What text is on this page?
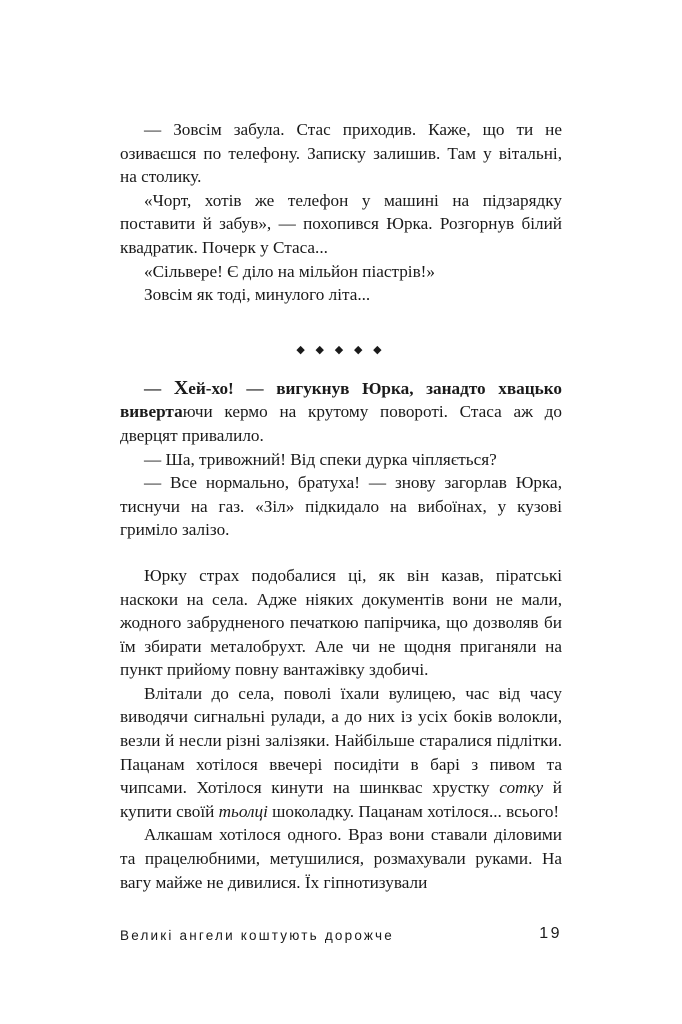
— Зовсім забула. Стас приходив. Каже, що ти не озиваєшся по телефону. Записку залишив. Там у вітальні, на столику.

«Чорт, хотів же телефон у машині на підзарядку поставити й забув», — похопився Юрка. Розгорнув білий квадратик. Почерк у Стаса...

«Сільвере! Є діло на мільйон піастрів!»

Зовсім як тоді, минулого літа...

◆ ◆ ◆ ◆ ◆

— Хей-хо! — вигукнув Юрка, занадто хвацько вивертаючи кермо на крутому повороті. Стаса аж до дверцят привалило.

— Ша, тривожний! Від спеки дурка чіпляється?

— Все нормально, братуха! — знову загорлав Юрка, тиснучи на газ. «Зіл» підкидало на вибоїнах, у кузові гриміло залізо.

Юрку страх подобалися ці, як він казав, піратські наскоки на села. Адже ніяких документів вони не мали, жодного забрудненого печаткою папірчика, що дозволяв би їм збирати металобрухт. Але чи не щодня приганяли на пункт прийому повну вантажівку здобичі.

Влітали до села, поволі їхали вулицею, час від часу виводячи сигнальні рулади, а до них із усіх боків волокли, везли й несли різні залізяки. Найбільше старалися підлітки. Пацанам хотілося ввечері посидіти в барі з пивом та чипсами. Хотілося кинути на шинквас хрустку сотку й купити своїй тьолці шоколадку. Пацанам хотілося... всього!

Алкашам хотілося одного. Враз вони ставали діловими та працелюбними, метушилися, розмахували руками. На вагу майже не дивилися. Їх гіпнотизували

Великі ангели коштують дорожче	19
